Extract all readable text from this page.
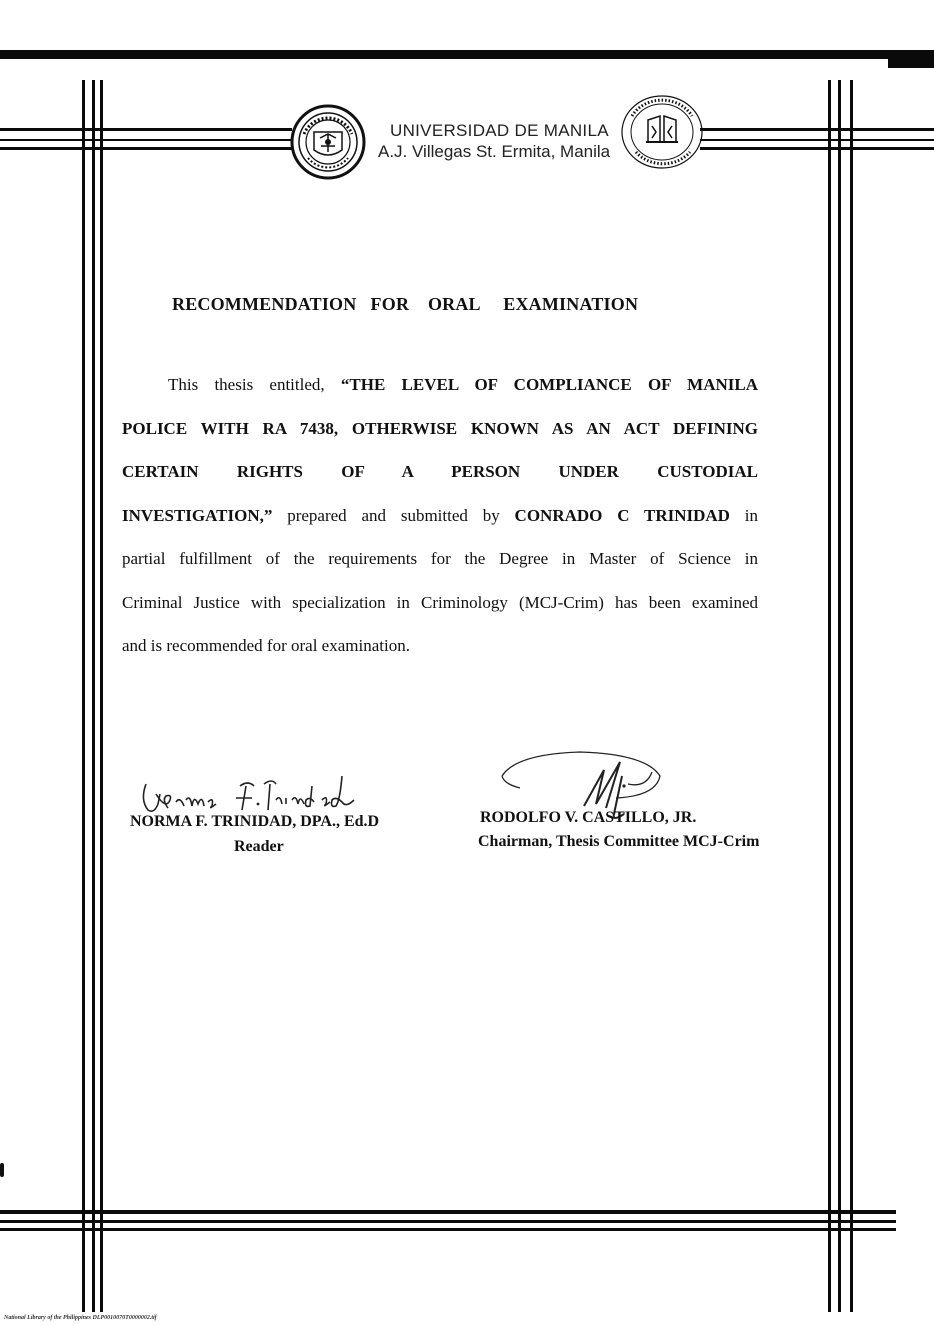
UNIVERSIDAD DE MANILA
A.J. Villegas St. Ermita, Manila
RECOMMENDATION   FOR    ORAL     EXAMINATION
This thesis entitled, “THE LEVEL OF COMPLIANCE OF MANILA
POLICE WITH RA 7438, OTHERWISE KNOWN AS AN ACT DEFINING
CERTAIN RIGHTS OF A PERSON UNDER CUSTODIAL
INVESTIGATION,” prepared and submitted by CONRADO C TRINIDAD in
partial fulfillment of the requirements for the Degree in Master of Science in
Criminal Justice with specialization in Criminology (MCJ-Crim) has been examined
and is recommended for oral examination.
NORMA F. TRINIDAD, DPA., Ed.D
Reader
RODOLFO V. CASTILLO, JR.
Chairman, Thesis Committee MCJ-Crim
National Library of the Philippines DLP0010070T0000002.tif
